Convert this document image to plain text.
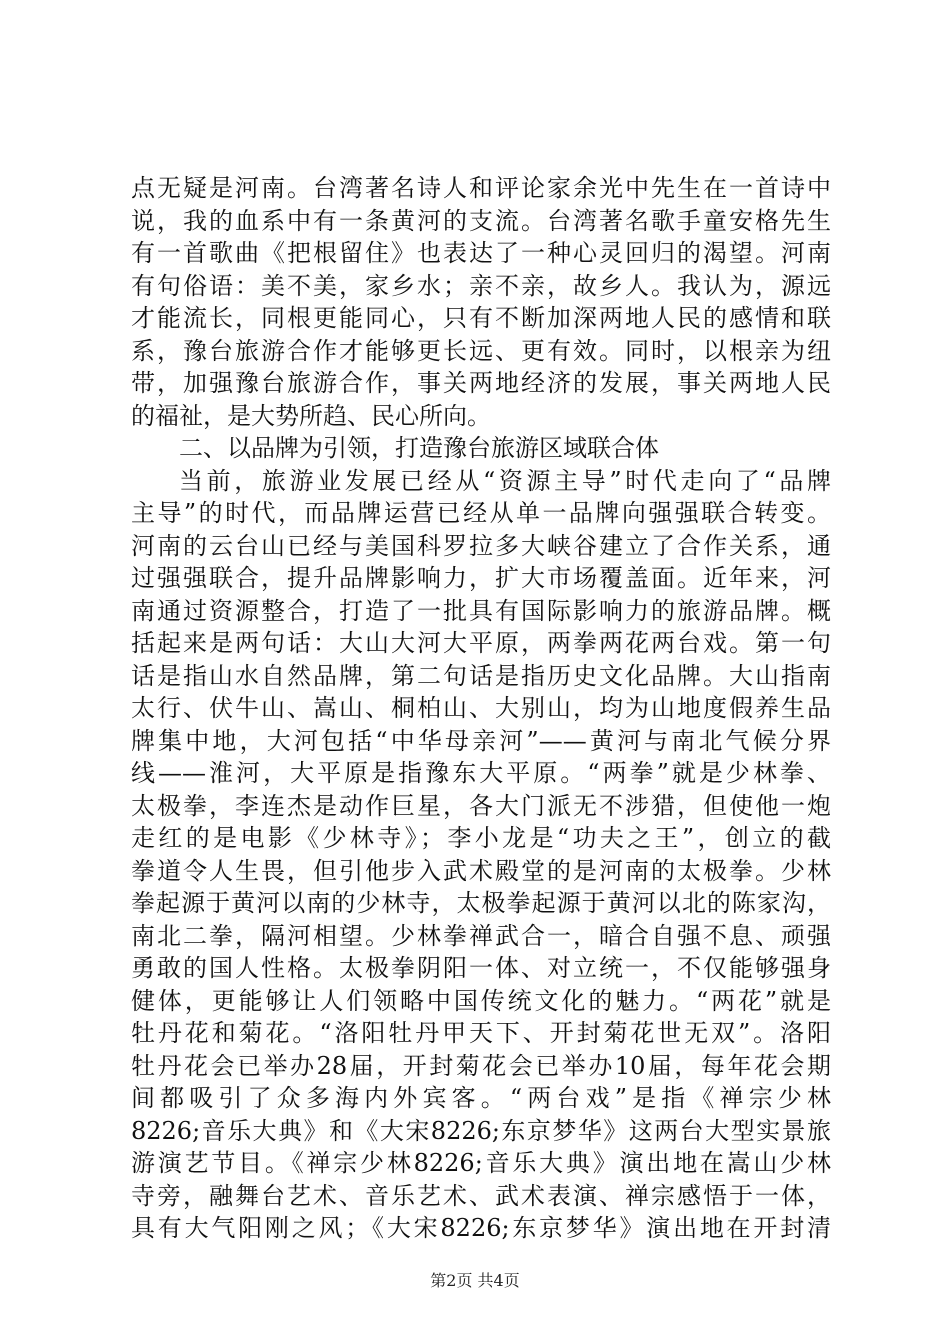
点无疑是河南。台湾著名诗人和评论家余光中先生在一首诗中
说，我的血系中有一条黄河的支流。台湾著名歌手童安格先生
有一首歌曲《把根留住》也表达了一种心灵回归的渴望。河南
有句俗语：美不美，家乡水；亲不亲，故乡人。我认为，源远
才能流长，同根更能同心，只有不断加深两地人民的感情和联
系，豫台旅游合作才能够更长远、更有效。同时，以根亲为纽
带，加强豫台旅游合作，事关两地经济的发展，事关两地人民
的福祉，是大势所趋、民心所向。
二、以品牌为引领，打造豫台旅游区域联合体
当前，旅游业发展已经从“资源主导”时代走向了“品牌
主导”的时代，而品牌运营已经从单一品牌向强强联合转变。
河南的云台山已经与美国科罗拉多大峡谷建立了合作关系，通
过强强联合，提升品牌影响力，扩大市场覆盖面。近年来，河
南通过资源整合，打造了一批具有国际影响力的旅游品牌。概
括起来是两句话：大山大河大平原，两拳两花两台戏。第一句
话是指山水自然品牌，第二句话是指历史文化品牌。大山指南
太行、伏牛山、嵩山、桐柏山、大别山，均为山地度假养生品
牌集中地，大河包括“中华母亲河”——黄河与南北气候分界
线——淮河，大平原是指豫东大平原。“两拳”就是少林拳、
太极拳，李连杰是动作巨星，各大门派无不涉猎，但使他一炮
走红的是电影《少林寺》；李小龙是“功夫之王”，创立的截
拳道令人生畏，但引他步入武术殿堂的是河南的太极拳。少林
拳起源于黄河以南的少林寺，太极拳起源于黄河以北的陈家沟，
南北二拳，隔河相望。少林拳禅武合一，暗合自强不息、顽强
勇敢的国人性格。太极拳阴阳一体、对立统一，不仅能够强身
健体，更能够让人们领略中国传统文化的魅力。“两花”就是
牡丹花和菊花。“洛阳牡丹甲天下、开封菊花世无双”。洛阳
牡丹花会已举办28届，开封菊花会已举办10届，每年花会期
间都吸引了众多海内外宾客。“两台戏”是指《禅宗少林
8226;音乐大典》和《大宋8226;东京梦华》这两台大型实景旅
游演艺节目。《禅宗少林8226;音乐大典》演出地在嵩山少林
寺旁，融舞台艺术、音乐艺术、武术表演、禅宗感悟于一体，
具有大气阳刚之风；《大宋8226;东京梦华》演出地在开封清
第2页 共4页
